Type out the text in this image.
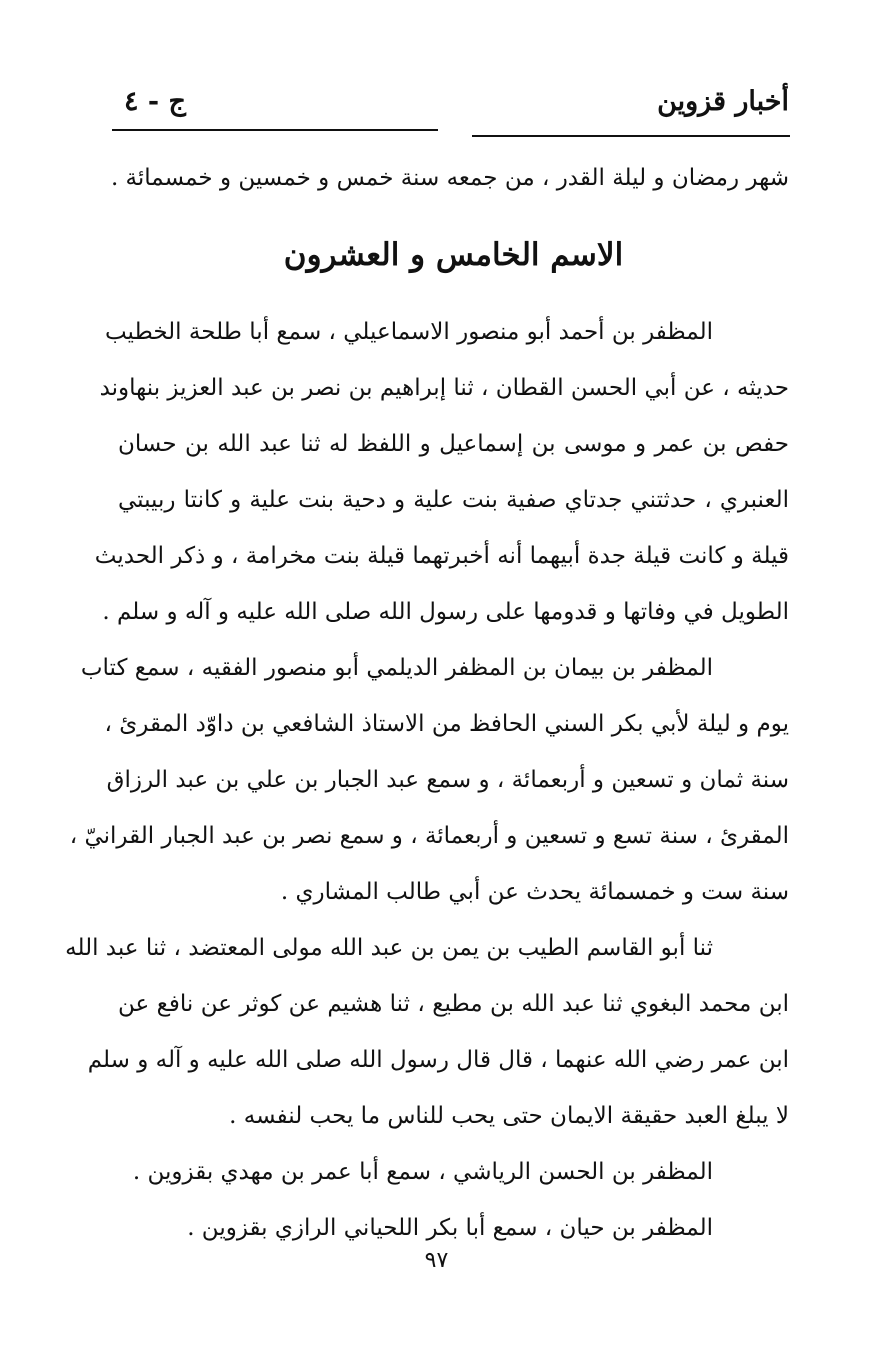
أخبار قزوين
ج - ٤
شهر رمضان و ليلة القدر ، من جمعه سنة خمس و خمسين و خمسمائة .
الاسم الخامس و العشرون
المظفر بن أحمد أبو منصور الاسماعيلي ، سمع أبا طلحة الخطيب
حديثه ، عن أبي الحسن القطان ، ثنا إبراهيم بن نصر بن عبد العزيز بنهاوند
حفص بن عمر و موسى بن إسماعيل و اللفظ له ثنا عبد الله بن حسان
العنبري ، حدثتني جدتاي صفية بنت علية و دحية بنت علية و كانتا ربيبتي
قيلة و كانت قيلة جدة أبيهما أنه أخبرتهما قيلة بنت مخرامة ، و ذكر الحديث
الطويل في وفاتها و قدومها على رسول الله صلى الله عليه و آله و سلم .
المظفر بن بيمان بن المظفر الديلمي أبو منصور الفقيه ، سمع كتاب
يوم و ليلة لأبي بكر السني الحافظ من الاستاذ الشافعي بن داوّد المقرئ ،
سنة ثمان و تسعين و أربعمائة ، و سمع عبد الجبار بن علي بن عبد الرزاق
المقرئ ، سنة تسع و تسعين و أربعمائة ، و سمع نصر بن عبد الجبار القرانيّ ،
سنة ست و خمسمائة يحدث عن أبي طالب المشاري .
ثنا أبو القاسم الطيب بن يمن بن عبد الله مولى المعتضد ، ثنا عبد الله
ابن محمد البغوي ثنا عبد الله بن مطيع ، ثنا هشيم عن كوثر عن نافع عن
ابن عمر رضي الله عنهما ، قال قال رسول الله صلى الله عليه و آله و سلم
لا يبلغ العبد حقيقة الايمان حتى يحب للناس ما يحب لنفسه .
المظفر بن الحسن الرياشي ، سمع أبا عمر بن مهدي بقزوين .
المظفر بن حيان ، سمع أبا بكر اللحياني الرازي بقزوين .
٩٧
